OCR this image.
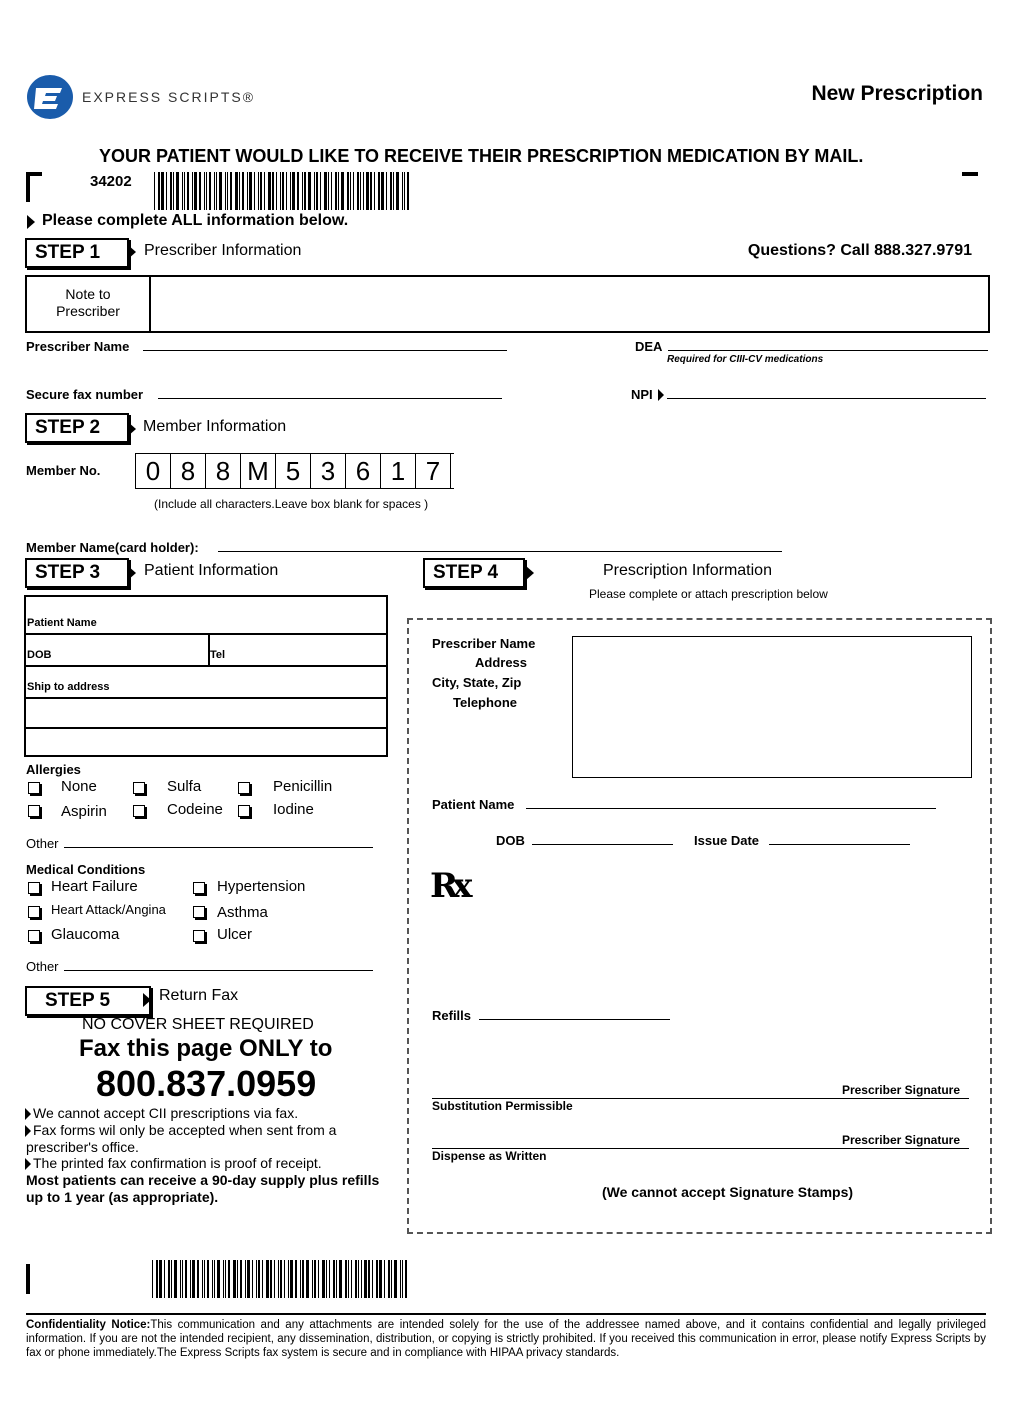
EXPRESS SCRIPTS®	New Prescription
YOUR PATIENT WOULD LIKE TO RECEIVE THEIR PRESCRIPTION MEDICATION BY MAIL.
34202
Please complete ALL information below.
STEP 1	Prescriber Information	Questions? Call 888.327.9791
Note to
Prescriber
Prescriber Name	DEA
Required for CIII-CV medications
Secure fax number	NPI
STEP 2	Member Information
Member No.	0 8 8 M 5 3 6 1 7
(Include all characters.Leave box blank for spaces )
Member Name(card holder):
STEP 3	Patient Information
Patient Name
DOB	Tel
Ship to address
Allergies
None	Sulfa	Penicillin
Aspirin	Codeine	Iodine
Other
Medical Conditions
Heart Failure	Hypertension
Heart Attack/Angina	Asthma
Glaucoma	Ulcer
Other
STEP 5	Return Fax
NO COVER SHEET REQUIRED
Fax this page ONLY to
800.837.0959
We cannot accept CII prescriptions via fax.
Fax forms wil only be accepted when sent from a prescriber's office.
The printed fax confirmation is proof of receipt.
Most patients can receive a 90-day supply plus refills up to 1 year (as appropriate).
STEP 4	Prescription Information
Please complete or attach prescription below
Prescriber Name
Address
City, State, Zip
Telephone
Patient Name
DOB	Issue Date
Rx
Refills
Prescriber Signature
Substitution Permissible
Prescriber Signature
Dispense as Written
(We cannot accept Signature Stamps)
Confidentiality Notice:This communication and any attachments are intended solely for the use of the addressee named above, and it contains confidential and legally privileged information. If you are not the intended recipient, any dissemination, distribution, or copying is strictly prohibited. If you received this communication in error, please notify Express Scripts by fax or phone immediately.The Express Scripts fax system is secure and in compliance with HIPAA privacy standards.
